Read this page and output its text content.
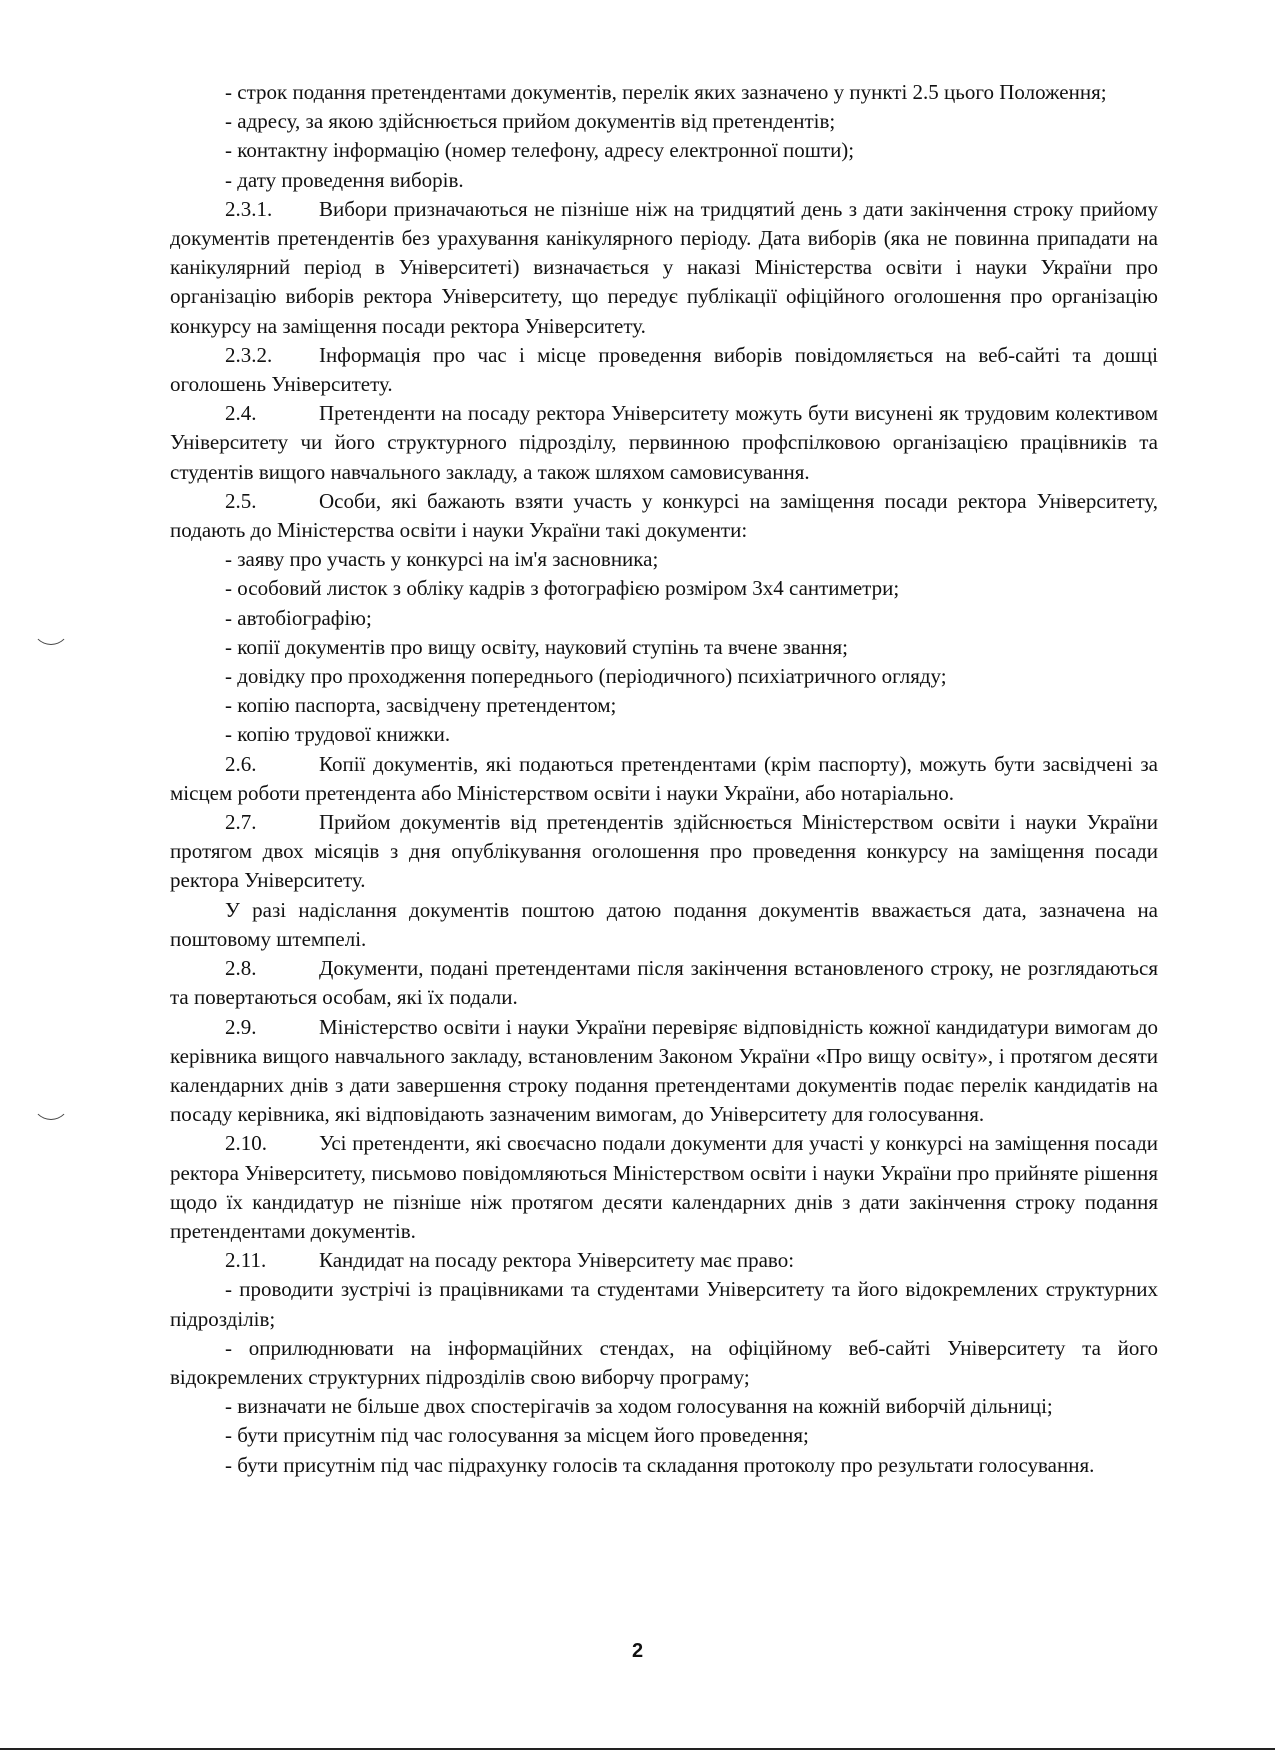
- строк подання претендентами документів, перелік яких зазначено у пункті 2.5 цього Положення;

- адресу, за якою здійснюється прийом документів від претендентів;

- контактну інформацію (номер телефону, адресу електронної пошти);

- дату проведення виборів.

2.3.1. Вибори призначаються не пізніше ніж на тридцятий день з дати закінчення строку прийому документів претендентів без урахування канікулярного періоду. Дата виборів (яка не повинна припадати на канікулярний період в Університеті) визначається у наказі Міністерства освіти і науки України про організацію виборів ректора Університету, що передує публікації офіційного оголошення про організацію конкурсу на заміщення посади ректора Університету.

2.3.2. Інформація про час і місце проведення виборів повідомляється на веб-сайті та дошці оголошень Університету.

2.4.	Претенденти на посаду ректора Університету можуть бути висунені як трудовим колективом Університету чи його структурного підрозділу, первинною профспілковою організацією працівників та студентів вищого навчального закладу, а також шляхом самовисування.

2.5.	Особи, які бажають взяти участь у конкурсі на заміщення посади ректора Університету, подають до Міністерства освіти і науки України такі документи:

- заяву про участь у конкурсі на ім'я засновника;

- особовий листок з обліку кадрів з фотографією розміром 3х4 сантиметри;

- автобіографію;

- копії документів про вищу освіту, науковий ступінь та вчене звання;

- довідку про проходження попереднього (періодичного) психіатричного огляду;

- копію паспорта, засвідчену претендентом;

- копію трудової книжки.

2.6.	Копії документів, які подаються претендентами (крім паспорту), можуть бути засвідчені за місцем роботи претендента або Міністерством освіти і науки України, або нотаріально.

2.7.	Прийом документів від претендентів здійснюється Міністерством освіти і науки України протягом двох місяців з дня опублікування оголошення про проведення конкурсу на заміщення посади ректора Університету.

У разі надіслання документів поштою датою подання документів вважається дата, зазначена на поштовому штемпелі.

2.8.	Документи, подані претендентами після закінчення встановленого строку, не розглядаються та повертаються особам, які їх подали.

2.9.	Міністерство освіти і науки України перевіряє відповідність кожної кандидатури вимогам до керівника вищого навчального закладу, встановленим Законом України «Про вищу освіту», і протягом десяти календарних днів з дати завершення строку подання претендентами документів подає перелік кандидатів на посаду керівника, які відповідають зазначеним вимогам, до Університету для голосування.

2.10. Усі претенденти, які своєчасно подали документи для участі у конкурсі на заміщення посади ректора Університету, письмово повідомляються Міністерством освіти і науки України про прийняте рішення щодо їх кандидатур не пізніше ніж протягом десяти календарних днів з дати закінчення строку подання претендентами документів.

2.11.	Кандидат на посаду ректора Університету має право:

- проводити зустрічі із працівниками та студентами Університету та його відокремлених структурних підрозділів;

- оприлюднювати на інформаційних стендах, на офіційному веб-сайті Університету та його відокремлених структурних підрозділів свою виборчу програму;

- визначати не більше двох спостерігачів за ходом голосування на кожній виборчій дільниці;

- бути присутнім під час голосування за місцем його проведення;

- бути присутнім під час підрахунку голосів та складання протоколу про результати голосування.

2
